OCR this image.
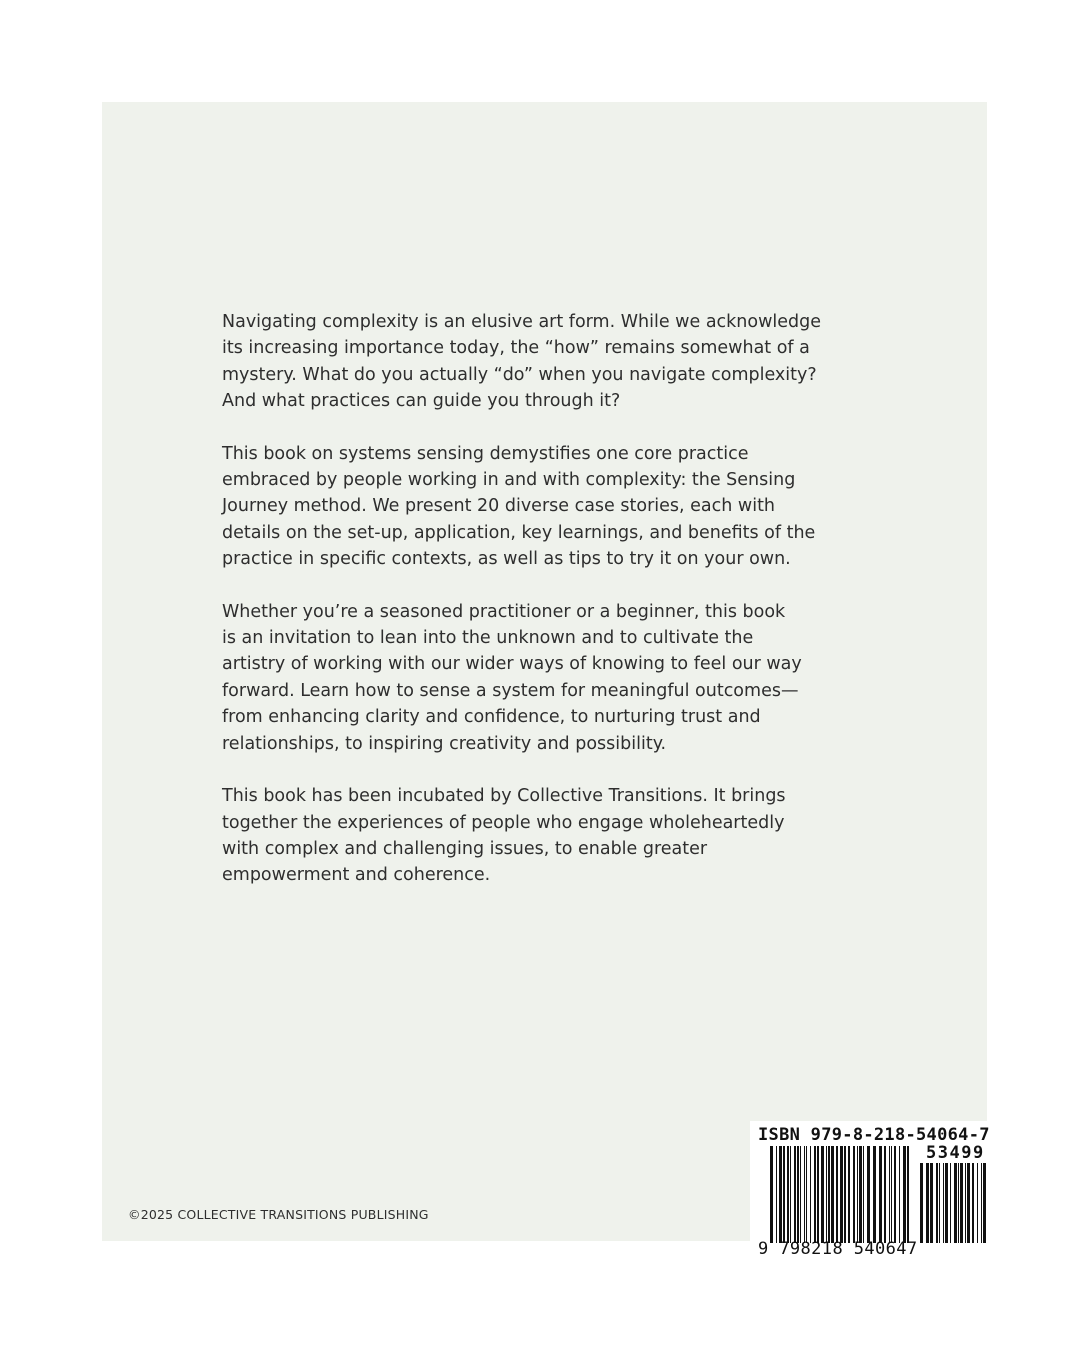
Navigating complexity is an elusive art form. While we acknowledge
its increasing importance today, the “how” remains somewhat of a
mystery. What do you actually “do” when you navigate complexity?
And what practices can guide you through it?

This book on systems sensing demystifies one core practice
embraced by people working in and with complexity: the Sensing
Journey method. We present 20 diverse case stories, each with
details on the set-up, application, key learnings, and benefits of the
practice in specific contexts, as well as tips to try it on your own.

Whether you’re a seasoned practitioner or a beginner, this book
is an invitation to lean into the unknown and to cultivate the
artistry of working with our wider ways of knowing to feel our way
forward. Learn how to sense a system for meaningful outcomes—
from enhancing clarity and confidence, to nurturing trust and
relationships, to inspiring creativity and possibility.

This book has been incubated by Collective Transitions. It brings
together the experiences of people who engage wholeheartedly
with complex and challenging issues, to enable greater
empowerment and coherence.

©2025 COLLECTIVE TRANSITIONS PUBLISHING
ISBN 979-8-218-54064-7
53499
9 798218 540647
